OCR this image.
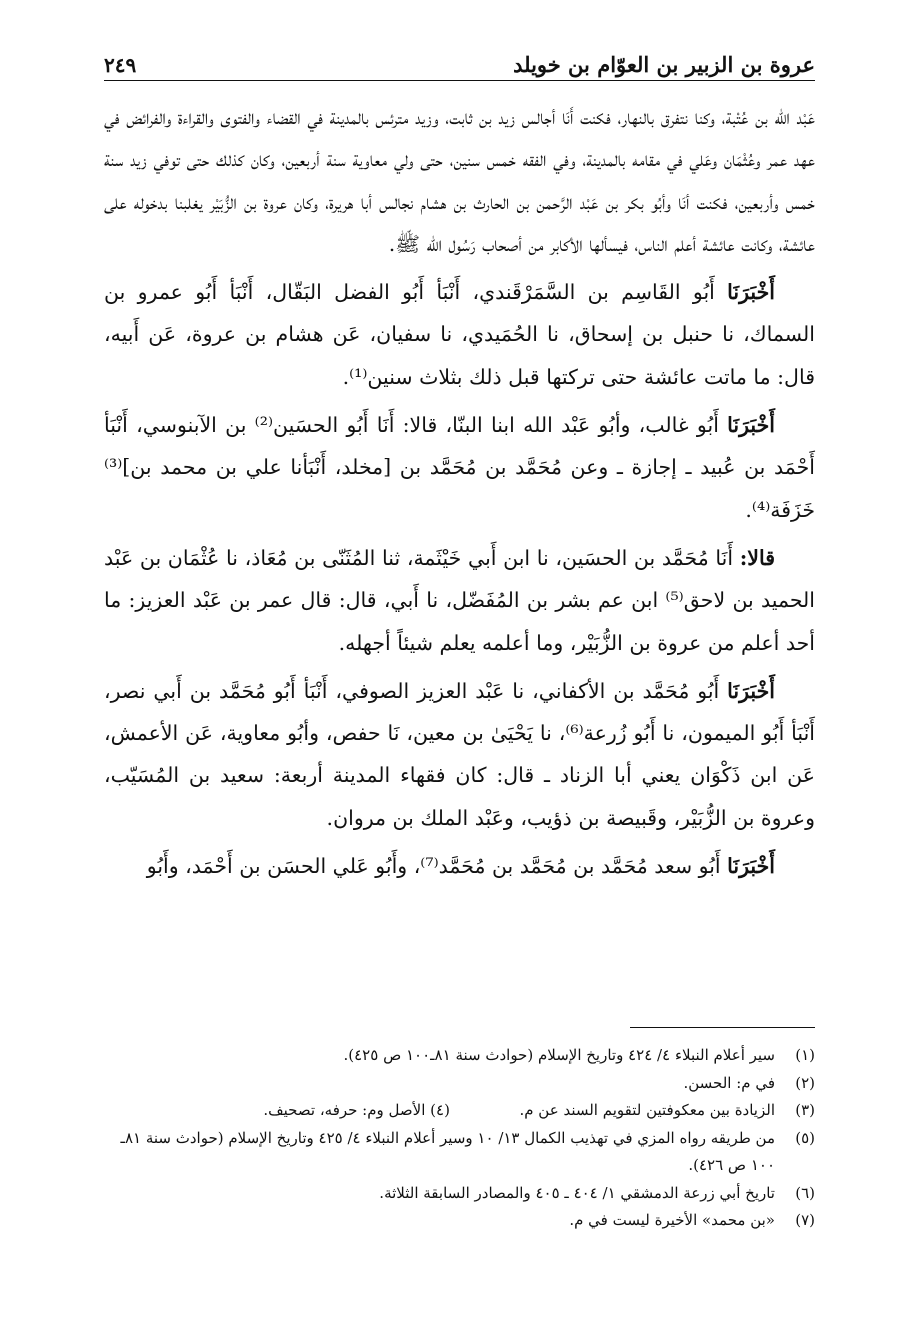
عروة بن الزبير بن العوّام بن خويلد
٢٤٩

عَبْد اللّٰه بن عُتْبة، وكنا نتفرق بالنهار، فكنت أَنَا أجالس زيد بن ثابت، وزيد مترئس بالمدينة في القضاء والفتوى والقراءة والفرائض في عهد عمر وعُثْمَان وعَلي في مقامه بالمدينة، وفي الفقه خمس سنين، حتى ولي معاوية سنة أربعين، وكان كذلك حتى توفي زيد سنة خمس وأربعين، فكنت أنَا وأبُو بكر بن عَبْد الرَّحمن بن الحارث بن هشام نجالس أبا هريرة، وكان عروة بن الزُّبَيْر يغلبنا بدخوله على عائشة، وكانت عائشة أعلم الناس، فيسألها الأكابر من أصحاب رَسُول الله ﷺ.

أَخْبَرَنَا أَبُو القَاسِم بن السَّمَرْقَندي، أَنْبَأ أَبُو الفضل البَقّال، أَنْبَأ أَبُو عمرو بن السماك، نا حنبل بن إسحاق، نا الحُمَيدي، نا سفيان، عَن هشام بن عروة، عَن أَبيه، قال: ما ماتت عائشة حتى تركتها قبل ذلك بثلاث سنين⁽¹⁾.

أَخْبَرَنَا أَبُو غالب، وأبُو عَبْد الله ابنا البنّا، قالا: أَنَا أَبُو الحسَين⁽²⁾ بن الآبنوسي، أَنْبَأ أَحْمَد بن عُبيد ـ إجازة ـ وعن مُحَمَّد بن مُحَمَّد بن [مخلد، أَنْبَأنا علي بن محمد بن]⁽³⁾ خَزَفَة⁽⁴⁾.

قالا: أَنَا مُحَمَّد بن الحسَين، نا ابن أَبي خَيْثَمة، ثنا المُثَنّى بن مُعَاذ، نا عُثْمَان بن عَبْد الحميد بن لاحق⁽⁵⁾ ابن عم بشر بن المُفَضّل، نا أَبي، قال: قال عمر بن عَبْد العزيز: ما أحد أعلم من عروة بن الزُّبَيْر، وما أعلمه يعلم شيئاً أجهله.

أَخْبَرَنَا أَبُو مُحَمَّد بن الأكفاني، نا عَبْد العزيز الصوفي، أَنْبَأ أَبُو مُحَمَّد بن أَبي نصر، أَنْبَأ أَبُو الميمون، نا أَبُو زُرعة⁽⁶⁾، نا يَحْيَىٰ بن معين، نَا حفص، وأبُو معاوية، عَن الأعمش، عَن ابن ذَكْوَان يعني أبا الزناد ـ قال: كان فقهاء المدينة أربعة: سعيد بن المُسَيّب، وعروة بن الزُّبَيْر، وقَبيصة بن ذؤيب، وعَبْد الملك بن مروان.

أَخْبَرَنَا أَبُو سعد مُحَمَّد بن مُحَمَّد بن مُحَمَّد⁽⁷⁾، وأَبُو عَلي الحسَن بن أَحْمَد، وأَبُو

(١)
سير أعلام النبلاء ٤/ ٤٢٤ وتاريخ الإسلام (حوادث سنة ٨١ـ١٠٠ ص ٤٢٥).
(٢)
في م: الحسن.
(٣)
الزيادة بين معكوفتين لتقويم السند عن م.  (٤) الأصل وم: حرفه، تصحيف.
(٥)
من طريقه رواه المزي في تهذيب الكمال ١٣/ ١٠ وسير أعلام النبلاء ٤/ ٤٢٥ وتاريخ الإسلام (حوادث سنة ٨١ـ ١٠٠ ص ٤٢٦).
(٦)
تاريخ أبي زرعة الدمشقي ١/ ٤٠٤ ـ ٤٠٥ والمصادر السابقة الثلاثة.
(٧)
«بن محمد» الأخيرة ليست في م.
